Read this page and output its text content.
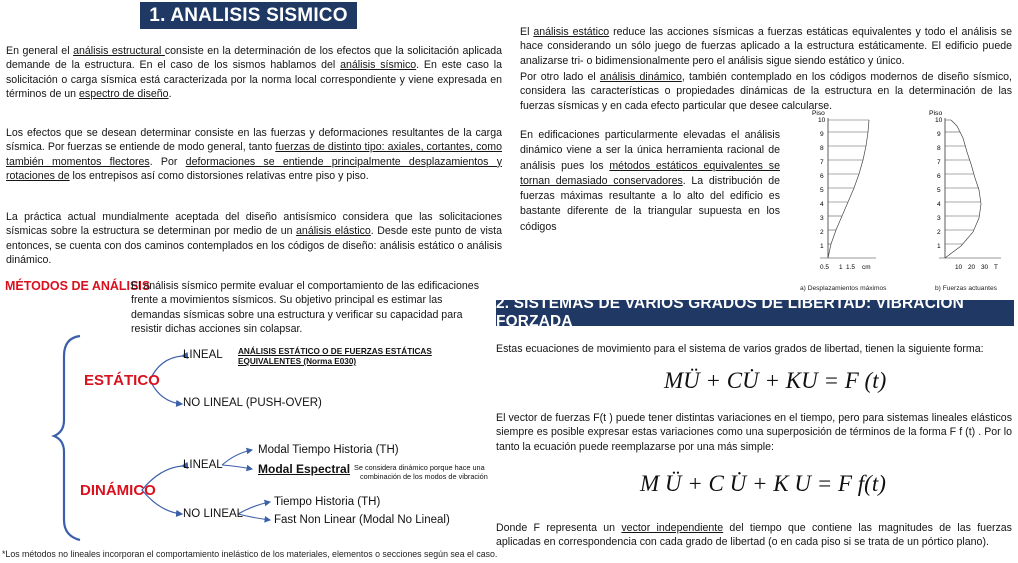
1. ANALISIS SISMICO
En general el análisis estructural consiste en la determinación de los efectos que la solicitación aplicada demande de la estructura. En el caso de los sismos hablamos del análisis sísmico. En este caso la solicitación o carga sísmica está caracterizada por la norma local correspondiente y viene expresada en términos de un espectro de diseño.
Los efectos que se desean determinar consiste en las fuerzas y deformaciones resultantes de la carga sísmica. Por fuerzas se entiende de modo general, tanto fuerzas de distinto tipo: axiales, cortantes, como también momentos flectores. Por deformaciones se entiende principalmente desplazamientos y rotaciones de los entrepisos así como distorsiones relativas entre piso y piso.
La práctica actual mundialmente aceptada del diseño antisísmico considera que las solicitaciones sísmicas sobre la estructura se determinan por medio de un análisis elástico. Desde este punto de vista entonces, se cuenta con dos caminos contemplados en los códigos de diseño: análisis estático o análisis dinámico.
MÉTODOS DE ANÁLISIS
El análisis sísmico permite evaluar el comportamiento de las edificaciones frente a movimientos sísmicos. Su objetivo principal es estimar las demandas sísmicas sobre una estructura y verificar su capacidad para resistir dichas acciones sin colapsar.
ESTÁTICO
DINÁMICO
LINEAL
NO LINEAL (PUSH-OVER)
ANÁLISIS ESTÁTICO O DE FUERZAS ESTÁTICAS
EQUIVALENTES (Norma E030)
LINEAL
Modal Tiempo Historia (TH)
Modal Espectral Se considera dinámico porque hace una
combinación de los modos de vibración
NO LINEAL
Tiempo Historia (TH)
Fast Non Linear (Modal No Lineal)
*Los métodos no lineales incorporan el comportamiento inelástico de los materiales, elementos o secciones según sea el caso.
El análisis estático reduce las acciones sísmicas a fuerzas estáticas equivalentes y todo el análisis se hace considerando un sólo juego de fuerzas aplicado a la estructura estáticamente. El edificio puede analizarse tri- o bidimensionalmente pero el análisis sigue siendo estático y único.
Por otro lado el análisis dinámico, también contemplado en los códigos modernos de diseño sísmico, considera las características o propiedades dinámicas de la estructura en la determinación de las fuerzas sísmicas y en cada efecto particular que desee calcularse.
En edificaciones particularmente elevadas el análisis dinámico viene a ser la única herramienta racional de análisis pues los métodos estáticos equivalentes se tornan demasiado conservadores. La distribución de fuerzas máximas resultante a lo alto del edificio es bastante diferente de la triangular supuesta en los códigos
Piso
10
9
8
7
6
5
4
3
2
1
0.5 1 1.5 cm
a) Desplazamientos máximos
Piso
10
9
8
7
6
5
4
3
2
1
10 20 30 T
b) Fuerzas actuantes
2. SISTEMAS DE VARIOS GRADOS DE LIBERTAD: VIBRACIÓN FORZADA
Estas ecuaciones de movimiento para el sistema de varios grados de libertad, tienen la siguiente forma:
MÜ + CU̇ + KU = F (t)
El vector de fuerzas F(t ) puede tener distintas variaciones en el tiempo, pero para sistemas lineales elásticos siempre es posible expresar estas variaciones como una superposición de términos de la forma F f (t) . Por lo tanto la ecuación puede reemplazarse por una más simple:
M Ü + C U̇ + K U = F f(t)
Donde F representa un vector independiente del tiempo que contiene las magnitudes de las fuerzas aplicadas en correspondencia con cada grado de libertad (o en cada piso si se trata de un pórtico plano).
